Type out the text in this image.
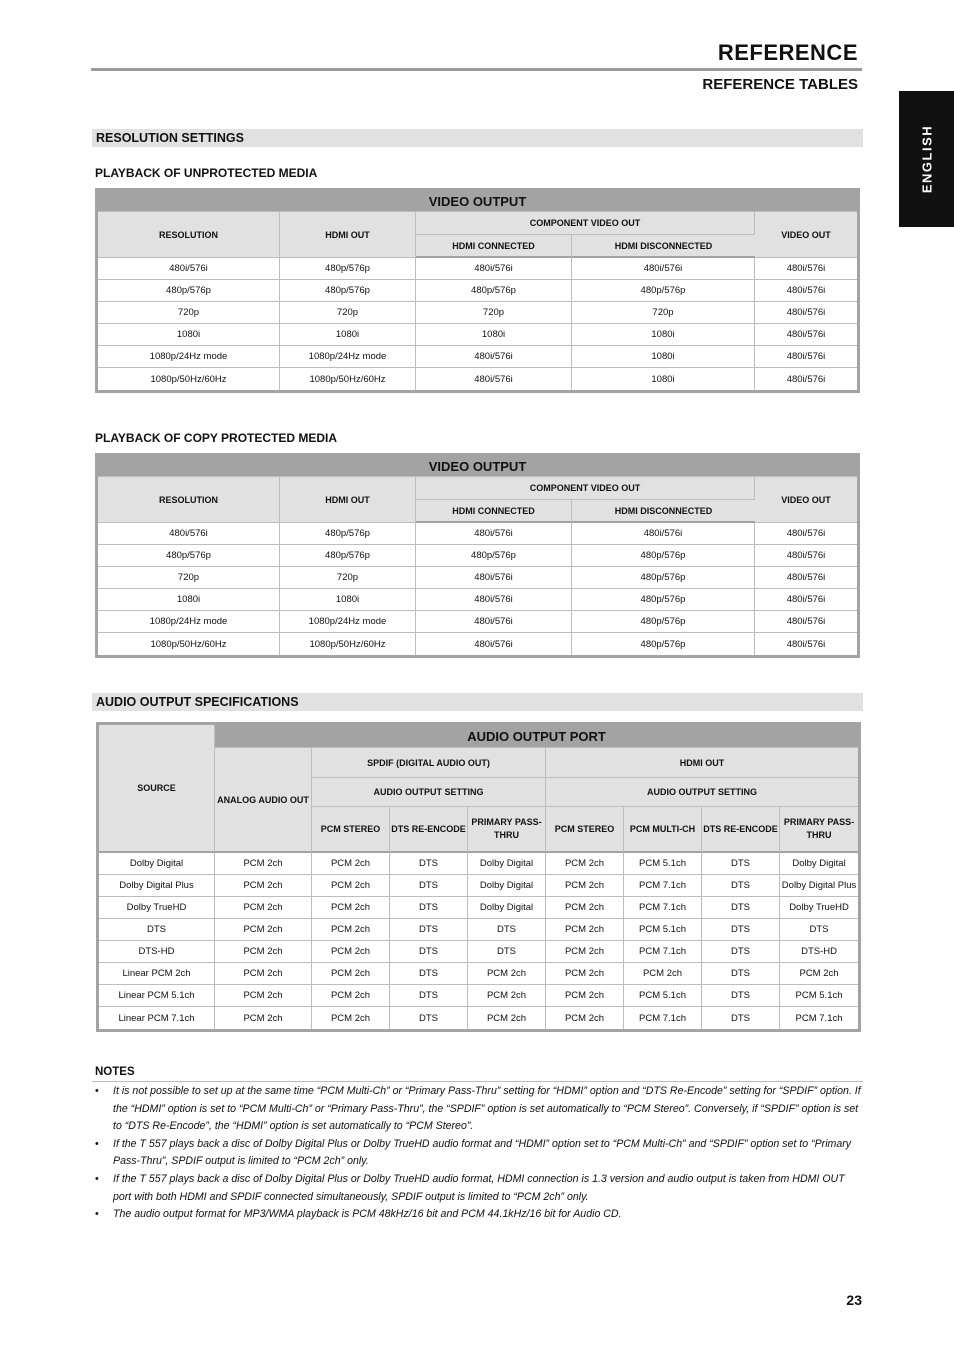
REFERENCE
REFERENCE TABLES
ENGLISH
RESOLUTION SETTINGS
PLAYBACK OF UNPROTECTED MEDIA
VIDEO OUTPUT				
RESOLUTION	HDMI OUT	COMPONENT VIDEO OUT		VIDEO OUT
		HDMI CONNECTED	HDMI DISCONNECTED	
480i/576i	480p/576p	480i/576i	480i/576i	480i/576i
480p/576p	480p/576p	480p/576p	480p/576p	480i/576i
720p	720p	720p	720p	480i/576i
1080i	1080i	1080i	1080i	480i/576i
1080p/24Hz mode	1080p/24Hz mode	480i/576i	1080i	480i/576i
1080p/50Hz/60Hz	1080p/50Hz/60Hz	480i/576i	1080i	480i/576i
PLAYBACK OF COPY PROTECTED MEDIA
VIDEO OUTPUT				
RESOLUTION	HDMI OUT	COMPONENT VIDEO OUT		VIDEO OUT
		HDMI CONNECTED	HDMI DISCONNECTED	
480i/576i	480p/576p	480i/576i	480i/576i	480i/576i
480p/576p	480p/576p	480p/576p	480p/576p	480i/576i
720p	720p	480i/576i	480p/576p	480i/576i
1080i	1080i	480i/576i	480p/576p	480i/576i
1080p/24Hz mode	1080p/24Hz mode	480i/576i	480p/576p	480i/576i
1080p/50Hz/60Hz	1080p/50Hz/60Hz	480i/576i	480p/576p	480i/576i
AUDIO OUTPUT SPECIFICATIONS
SOURCE	AUDIO OUTPUT PORT							
	ANALOG AUDIO OUT	SPDIF (DIGITAL AUDIO OUT)			HDMI OUT			
		AUDIO OUTPUT SETTING			AUDIO OUTPUT SETTING			
		PCM STEREO	DTS RE-ENCODE	PRIMARY PASS-THRU	PCM STEREO	PCM MULTI-CH	DTS RE-ENCODE	PRIMARY PASS-THRU
Dolby Digital	PCM 2ch	PCM 2ch	DTS	Dolby Digital	PCM 2ch	PCM 5.1ch	DTS	Dolby Digital
Dolby Digital Plus	PCM 2ch	PCM 2ch	DTS	Dolby Digital	PCM 2ch	PCM 7.1ch	DTS	Dolby Digital Plus
Dolby TrueHD	PCM 2ch	PCM 2ch	DTS	Dolby Digital	PCM 2ch	PCM 7.1ch	DTS	Dolby TrueHD
DTS	PCM 2ch	PCM 2ch	DTS	DTS	PCM 2ch	PCM 5.1ch	DTS	DTS
DTS-HD	PCM 2ch	PCM 2ch	DTS	DTS	PCM 2ch	PCM 7.1ch	DTS	DTS-HD
Linear PCM 2ch	PCM 2ch	PCM 2ch	DTS	PCM 2ch	PCM 2ch	PCM 2ch	DTS	PCM 2ch
Linear PCM 5.1ch	PCM 2ch	PCM 2ch	DTS	PCM 2ch	PCM 2ch	PCM 5.1ch	DTS	PCM 5.1ch
Linear PCM 7.1ch	PCM 2ch	PCM 2ch	DTS	PCM 2ch	PCM 2ch	PCM 7.1ch	DTS	PCM 7.1ch
NOTES
• It is not possible to set up at the same time “PCM Multi-Ch” or “Primary Pass-Thru” setting for “HDMI” option and “DTS Re-Encode” setting for “SPDIF” option. If the “HDMI” option is set to “PCM Multi-Ch” or “Primary Pass-Thru”, the “SPDIF” option is set automatically to “PCM Stereo”. Conversely, if “SPDIF” option is set to “DTS Re-Encode”, the “HDMI” option is set automatically to “PCM Stereo”.
• If the T 557 plays back a disc of Dolby Digital Plus or Dolby TrueHD audio format and “HDMI” option set to “PCM Multi-Ch” and “SPDIF” option set to “Primary Pass-Thru”, SPDIF output is limited to “PCM 2ch” only.
• If the T 557 plays back a disc of Dolby Digital Plus or Dolby TrueHD audio format, HDMI connection is 1.3 version and audio output is taken from HDMI OUT port with both HDMI and SPDIF connected simultaneously, SPDIF output is limited to “PCM 2ch” only.
• The audio output format for MP3/WMA playback is PCM 48kHz/16 bit and PCM 44.1kHz/16 bit for Audio CD.
23
